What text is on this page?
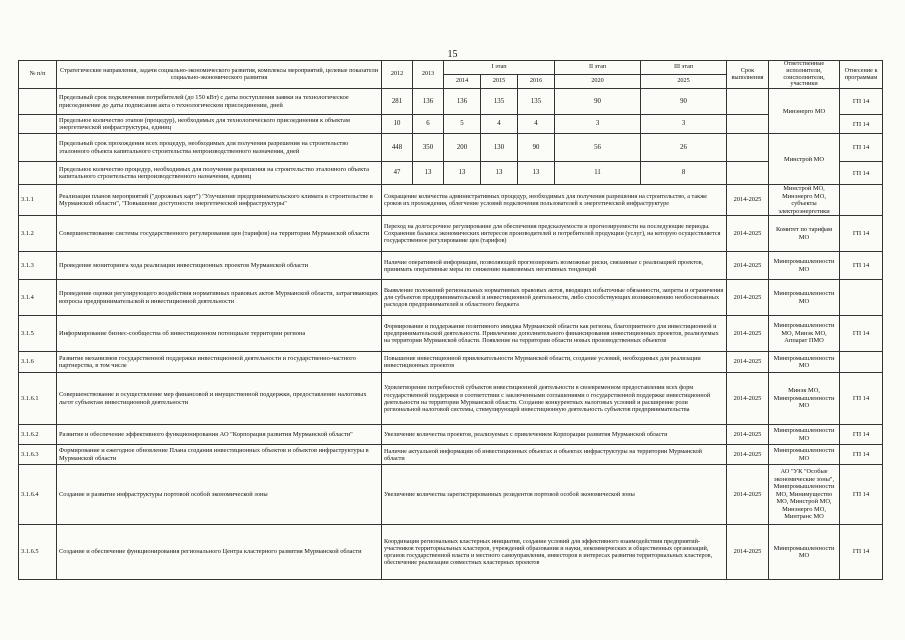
15
№ п/п	Стратегические направления, задачи социально-экономического развития, комплексы мероприятий, целевые показатели социально-экономического развития	2012	2013	I этап			II этап	III этап	Срок выполнения	Ответственные исполнители, соисполнители, участники	Отнесение к программам
				2014	2015	2016	2020	2025			
	Предельный срок подключения потребителей (до 150 кВт) с даты поступления заявки на технологическое присоединение до даты подписания акта о технологическом присоединении, дней	281	136	136	135	135	90	90		Минэнерго МО	ГП 14
	Предельное количество этапов (процедур), необходимых для технологического присоединения к объектам энергетической инфраструктуры, единиц	10	6	5	4	4	3	3			ГП 14
	Предельный срок прохождения всех процедур, необходимых для получения разрешения на строительство эталонного объекта капитального строительства непроизводственного назначения, дней	448	350	200	130	90	56	26		Минстрой МО	ГП 14
	Предельное количество процедур, необходимых для получения разрешения на строительство эталонного объекта капитального строительства непроизводственного назначения, единиц	47	13	13	13	13	11	8			ГП 14
3.1.1	Реализация планов мероприятий ("дорожных карт") "Улучшение предпринимательского климата в строительстве в Мурманской области", "Повышение доступности энергетической инфраструктуры"	Сокращение количества административных процедур, необходимых для получения разрешения на строительство, а также сроков их прохождения, облегчение условий подключения пользователей к энергетической инфраструктуре							2014-2025	Минстрой МО, Минэнерго МО, субъекты электроэнергетики	
3.1.2	Совершенствование системы государственного регулирования цен (тарифов) на территории Мурманской области	Переход на долгосрочное регулирование для обеспечения предсказуемости и прогнозируемости на последующие периоды. Сохранение баланса экономических интересов производителей и потребителей продукции (услуг), на которую осуществляется государственное регулирование цен (тарифов)							2014-2025	Комитет по тарифам МО	ГП 14
3.1.3	Проведение мониторинга хода реализации инвестиционных проектов Мурманской области	Наличие оперативной информации, позволяющей прогнозировать возможные риски, связанные с реализацией проектов, принимать оперативные меры по снижению выявляемых негативных тенденций							2014-2025	Минпромышленности МО	ГП 14
3.1.4	Проведение оценки регулирующего воздействия нормативных правовых актов Мурманской области, затрагивающих вопросы предпринимательской и инвестиционной деятельности	Выявление положений региональных нормативных правовых актов, вводящих избыточные обязанности, запреты и ограничения для субъектов предпринимательской и инвестиционной деятельности, либо способствующих возникновению необоснованных расходов предпринимателей и областного бюджета							2014-2025	Минпромышленности МО	
3.1.5	Информирование бизнес-сообщества об инвестиционном потенциале территории региона	Формирование и поддержание позитивного имиджа Мурманской области как региона, благоприятного для инвестиционной и предпринимательской деятельности. Привлечение дополнительного финансирования инвестиционных проектов, реализуемых на территории Мурманской области. Появление на территории области новых производственных объектов							2014-2025	Минпромышленности МО, Минэк МО, Аппарат ПМО	ГП 14
3.1.6	Развитие механизмов государственной поддержки инвестиционной деятельности и государственно-частного партнерства, в том числе	Повышение инвестиционной привлекательности Мурманской области, создание условий, необходимых для реализации инвестиционных проектов							2014-2025	Минпромышленности МО	
3.1.6.1	Совершенствование и осуществление мер финансовой и имущественной поддержки, предоставление налоговых льгот субъектам инвестиционной деятельности	Удовлетворение потребностей субъектов инвестиционной деятельности в своевременном предоставлении всех форм государственной поддержки в соответствии с заключенными соглашениями о государственной поддержке инвестиционной деятельности на территории Мурманской области. Создание конкурентных налоговых условий и расширение роли региональной налоговой системы, стимулирующей инвестиционную деятельность субъектов предпринимательства							2014-2025	Минэк МО, Минпромышленности МО	ГП 14
3.1.6.2	Развитие и обеспечение эффективного функционирования АО "Корпорация развития Мурманской области"	Увеличение количества проектов, реализуемых с привлечением Корпорации развития Мурманской области							2014-2025	Минпромышленности МО	ГП 14
3.1.6.3	Формирование и ежегодное обновление Плана создания инвестиционных объектов и объектов инфраструктуры в Мурманской области	Наличие актуальной информации об инвестиционных объектах и объектах инфраструктуры на территории Мурманской области							2014-2025	Минпромышленности МО	ГП 14
3.1.6.4	Создание и развитие инфраструктуры портовой особой экономической зоны	Увеличение количества зарегистрированных резидентов портовой особой экономической зоны							2014-2025	АО "УК "Особые экономические зоны", Минпромышленности МО, Минимущество МО, Минстрой МО, Минэнерго МО, Минтранс МО	ГП 14
3.1.6.5	Создание и обеспечение функционирования регионального Центра кластерного развития Мурманской области	Координация региональных кластерных инициатив, создание условий для эффективного взаимодействия предприятий-участников территориальных кластеров, учреждений образования и науки, некоммерческих и общественных организаций, органов государственной власти и местного самоуправления, инвесторов в интересах развития территориальных кластеров, обеспечение реализации совместных кластерных проектов							2014-2025	Минпромышленности МО	ГП 14
